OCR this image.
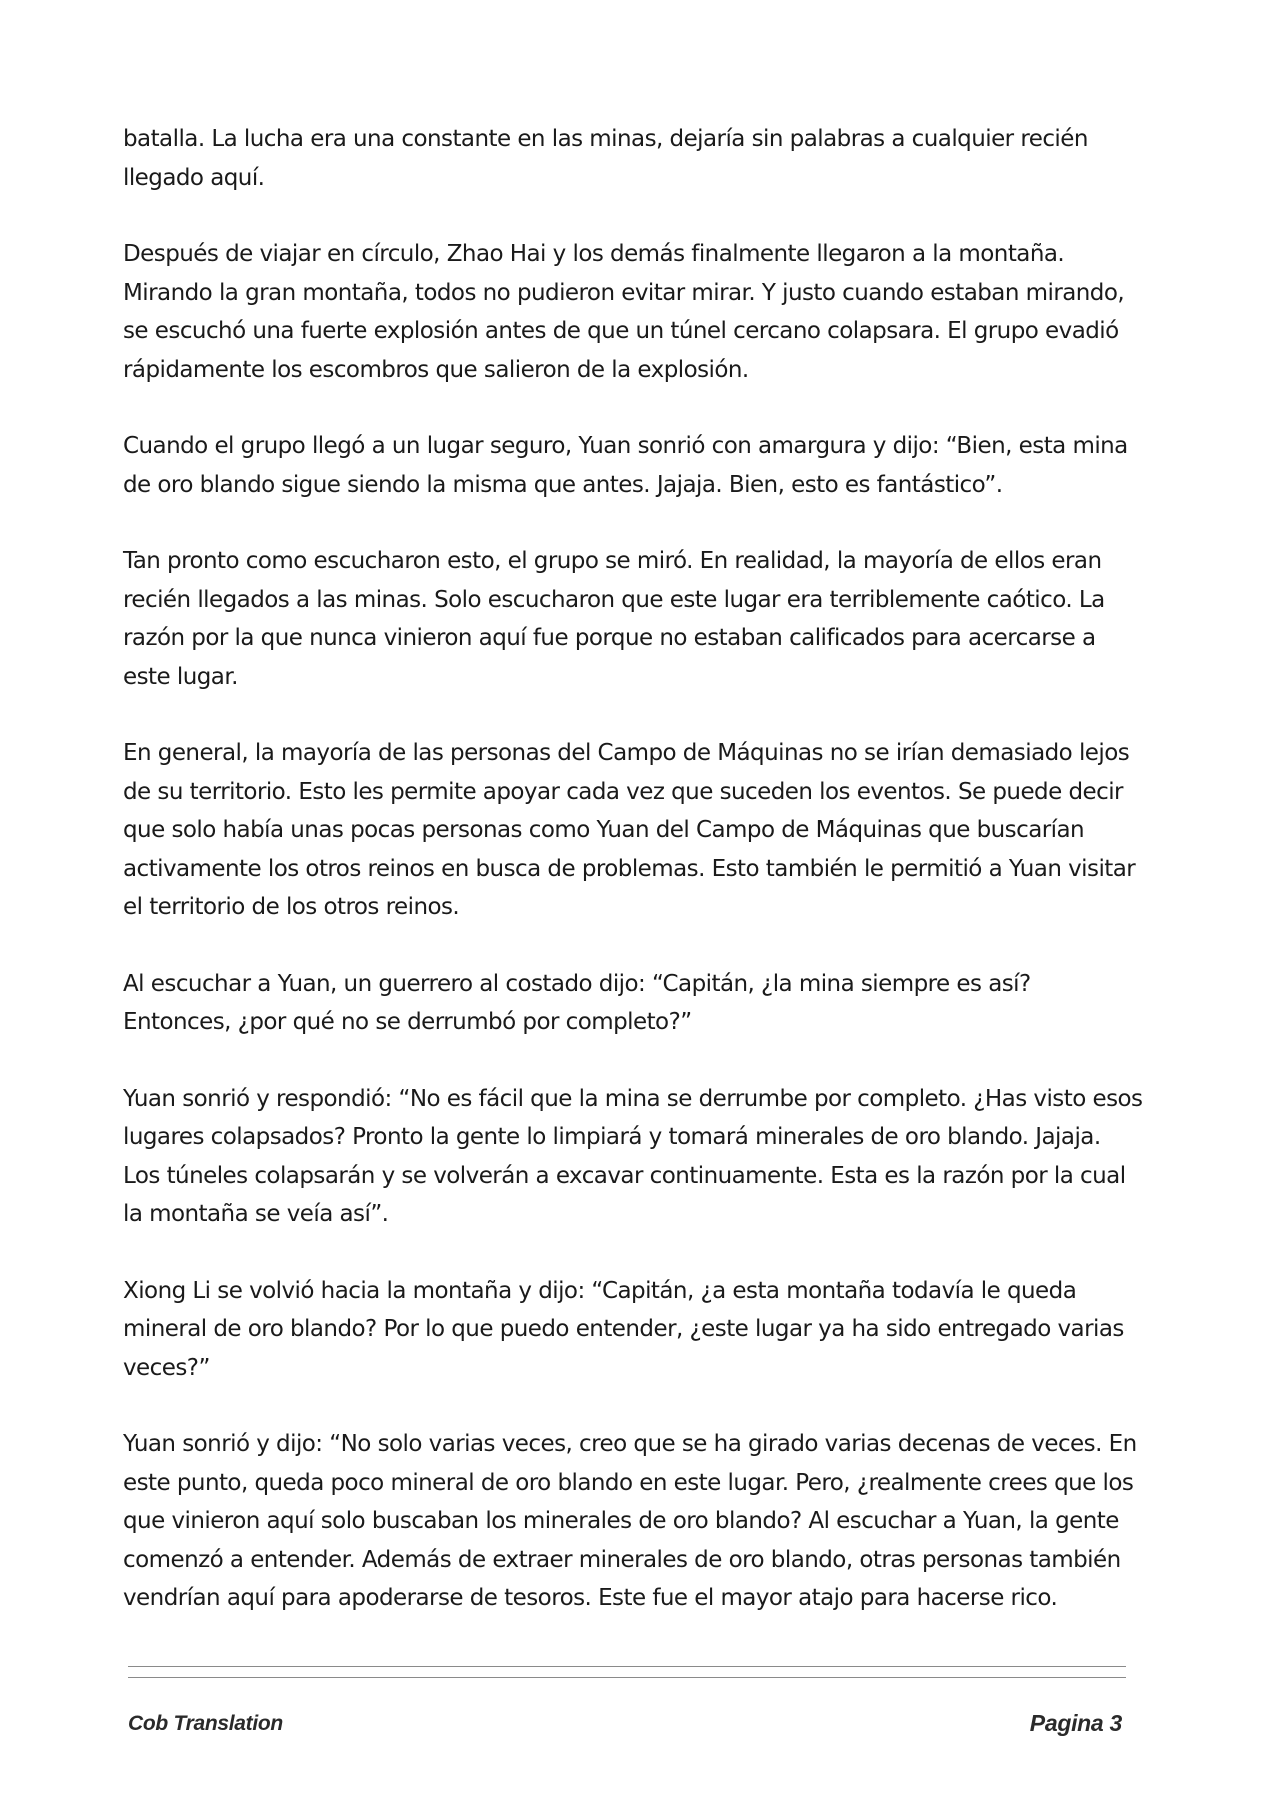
batalla. La lucha era una constante en las minas, dejaría sin palabras a cualquier recién llegado aquí.

Después de viajar en círculo, Zhao Hai y los demás finalmente llegaron a la montaña. Mirando la gran montaña, todos no pudieron evitar mirar. Y justo cuando estaban mirando, se escuchó una fuerte explosión antes de que un túnel cercano colapsara. El grupo evadió rápidamente los escombros que salieron de la explosión.

Cuando el grupo llegó a un lugar seguro, Yuan sonrió con amargura y dijo: “Bien, esta mina de oro blando sigue siendo la misma que antes. Jajaja. Bien, esto es fantástico”.

Tan pronto como escucharon esto, el grupo se miró. En realidad, la mayoría de ellos eran recién llegados a las minas. Solo escucharon que este lugar era terriblemente caótico. La razón por la que nunca vinieron aquí fue porque no estaban calificados para acercarse a este lugar.

En general, la mayoría de las personas del Campo de Máquinas no se irían demasiado lejos de su territorio. Esto les permite apoyar cada vez que suceden los eventos. Se puede decir que solo había unas pocas personas como Yuan del Campo de Máquinas que buscarían activamente los otros reinos en busca de problemas. Esto también le permitió a Yuan visitar el territorio de los otros reinos.

Al escuchar a Yuan, un guerrero al costado dijo: “Capitán, ¿la mina siempre es así? Entonces, ¿por qué no se derrumbó por completo?”

Yuan sonrió y respondió: “No es fácil que la mina se derrumbe por completo. ¿Has visto esos lugares colapsados? Pronto la gente lo limpiará y tomará minerales de oro blando. Jajaja. Los túneles colapsarán y se volverán a excavar continuamente. Esta es la razón por la cual la montaña se veía así”.

Xiong Li se volvió hacia la montaña y dijo: “Capitán, ¿a esta montaña todavía le queda mineral de oro blando? Por lo que puedo entender, ¿este lugar ya ha sido entregado varias veces?”

Yuan sonrió y dijo: “No solo varias veces, creo que se ha girado varias decenas de veces. En este punto, queda poco mineral de oro blando en este lugar. Pero, ¿realmente crees que los que vinieron aquí solo buscaban los minerales de oro blando? Al escuchar a Yuan, la gente comenzó a entender. Además de extraer minerales de oro blando, otras personas también vendrían aquí para apoderarse de tesoros. Este fue el mayor atajo para hacerse rico.

Cob Translation	Pagina 3
